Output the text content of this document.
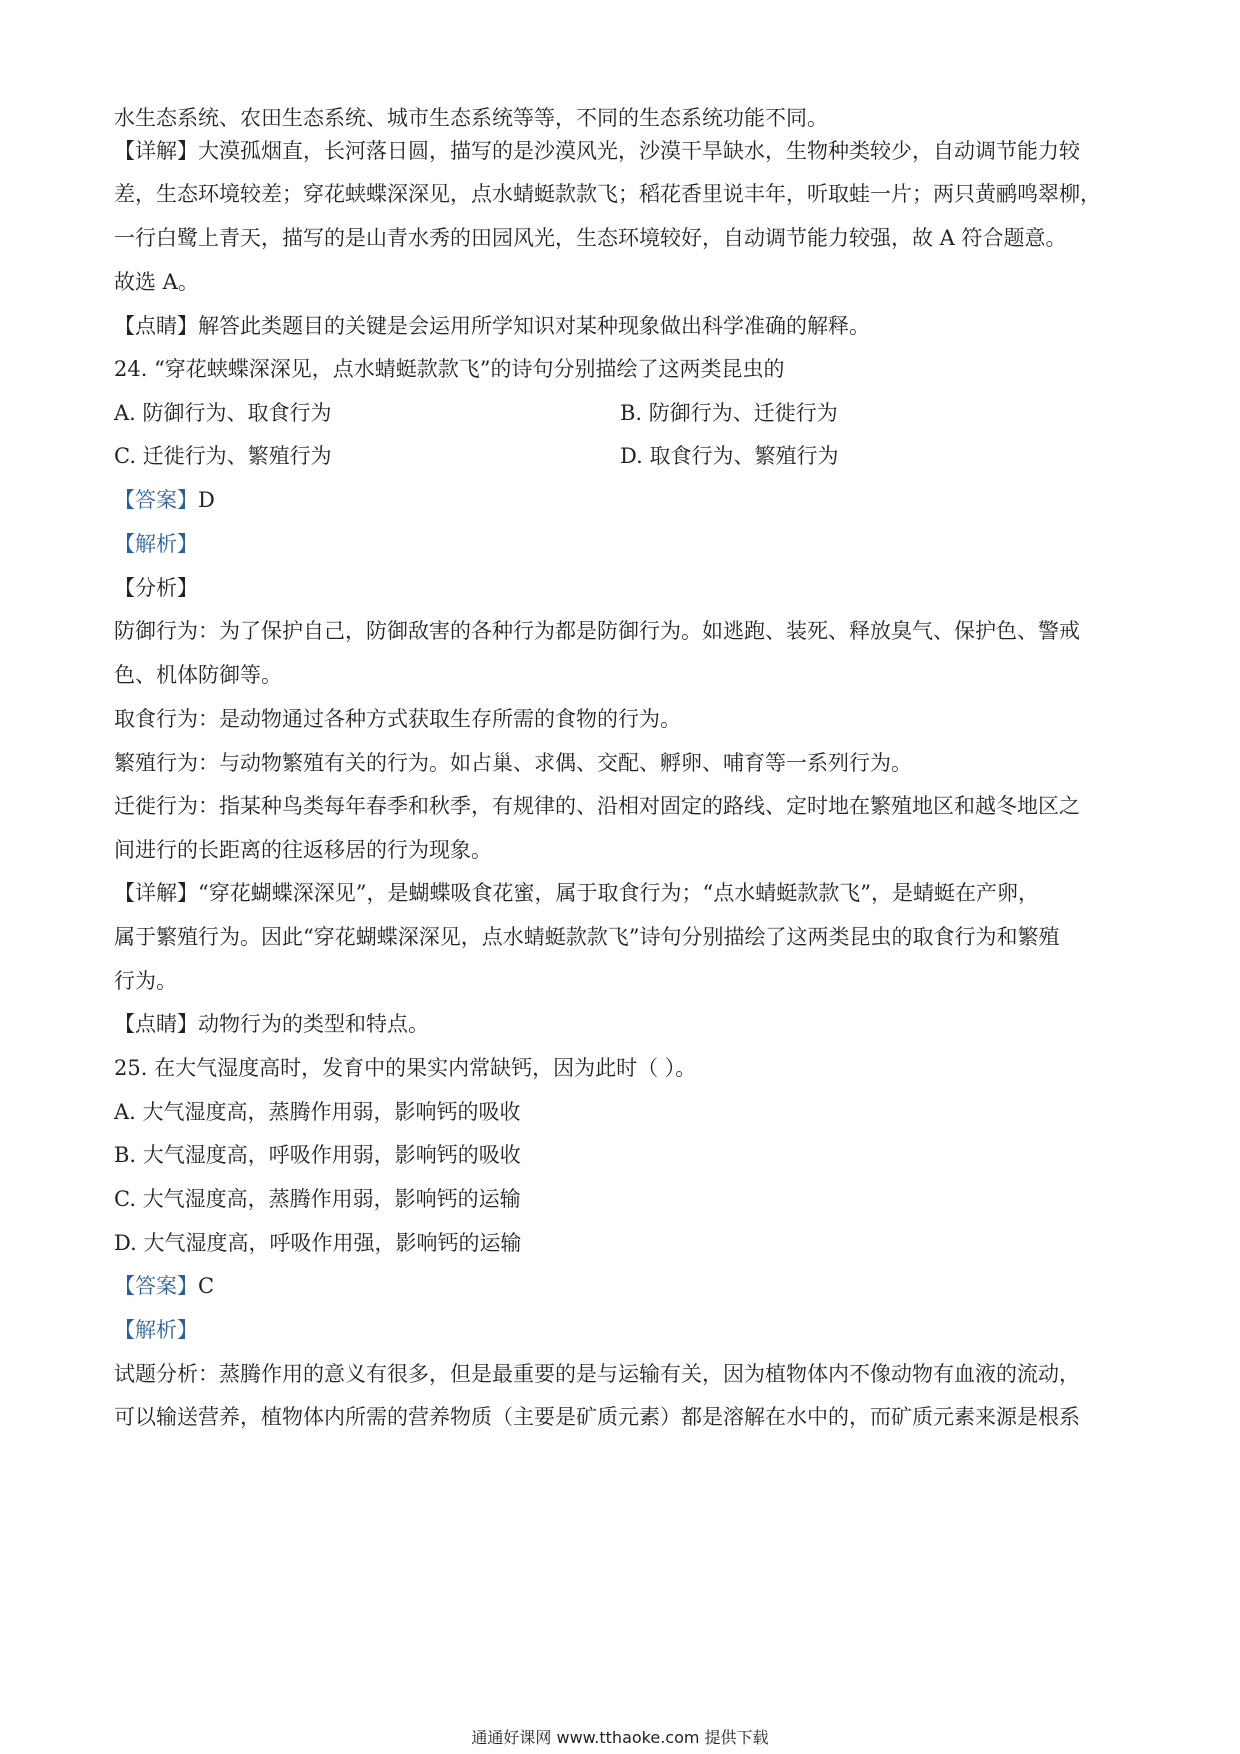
水生态系统、农田生态系统、城市生态系统等等，不同的生态系统功能不同。
【详解】大漠孤烟直，长河落日圆，描写的是沙漠风光，沙漠干旱缺水，生物种类较少，自动调节能力较
差，生态环境较差；穿花蛱蝶深深见，点水蜻蜓款款飞；稻花香里说丰年，听取蛙一片；两只黄鹂鸣翠柳，
一行白鹭上青天，描写的是山青水秀的田园风光，生态环境较好，自动调节能力较强，故 A 符合题意。
故选 A。
【点睛】解答此类题目的关键是会运用所学知识对某种现象做出科学准确的解释。
24. “穿花蛱蝶深深见，点水蜻蜓款款飞”的诗句分别描绘了这两类昆虫的
A. 防御行为、取食行为	B. 防御行为、迁徙行为
C. 迁徙行为、繁殖行为	D. 取食行为、繁殖行为
【答案】D
【解析】
【分析】
防御行为：为了保护自己，防御敌害的各种行为都是防御行为。如逃跑、装死、释放臭气、保护色、警戒
色、机体防御等。
取食行为：是动物通过各种方式获取生存所需的食物的行为。
繁殖行为：与动物繁殖有关的行为。如占巢、求偶、交配、孵卵、哺育等一系列行为。
迁徙行为：指某种鸟类每年春季和秋季，有规律的、沿相对固定的路线、定时地在繁殖地区和越冬地区之
间进行的长距离的往返移居的行为现象。
【详解】“穿花蝴蝶深深见”，是蝴蝶吸食花蜜，属于取食行为；“点水蜻蜓款款飞”，是蜻蜓在产卵，
属于繁殖行为。因此“穿花蝴蝶深深见，点水蜻蜓款款飞”诗句分别描绘了这两类昆虫的取食行为和繁殖
行为。
【点睛】动物行为的类型和特点。
25. 在大气湿度高时，发育中的果实内常缺钙，因为此时（ ）。
A. 大气湿度高，蒸腾作用弱，影响钙的吸收
B. 大气湿度高，呼吸作用弱，影响钙的吸收
C. 大气湿度高，蒸腾作用弱，影响钙的运输
D. 大气湿度高，呼吸作用强，影响钙的运输
【答案】C
【解析】
试题分析：蒸腾作用的意义有很多，但是最重要的是与运输有关，因为植物体内不像动物有血液的流动，
可以输送营养，植物体内所需的营养物质（主要是矿质元素）都是溶解在水中的，而矿质元素来源是根系
通通好课网 www.tthaoke.com 提供下载
